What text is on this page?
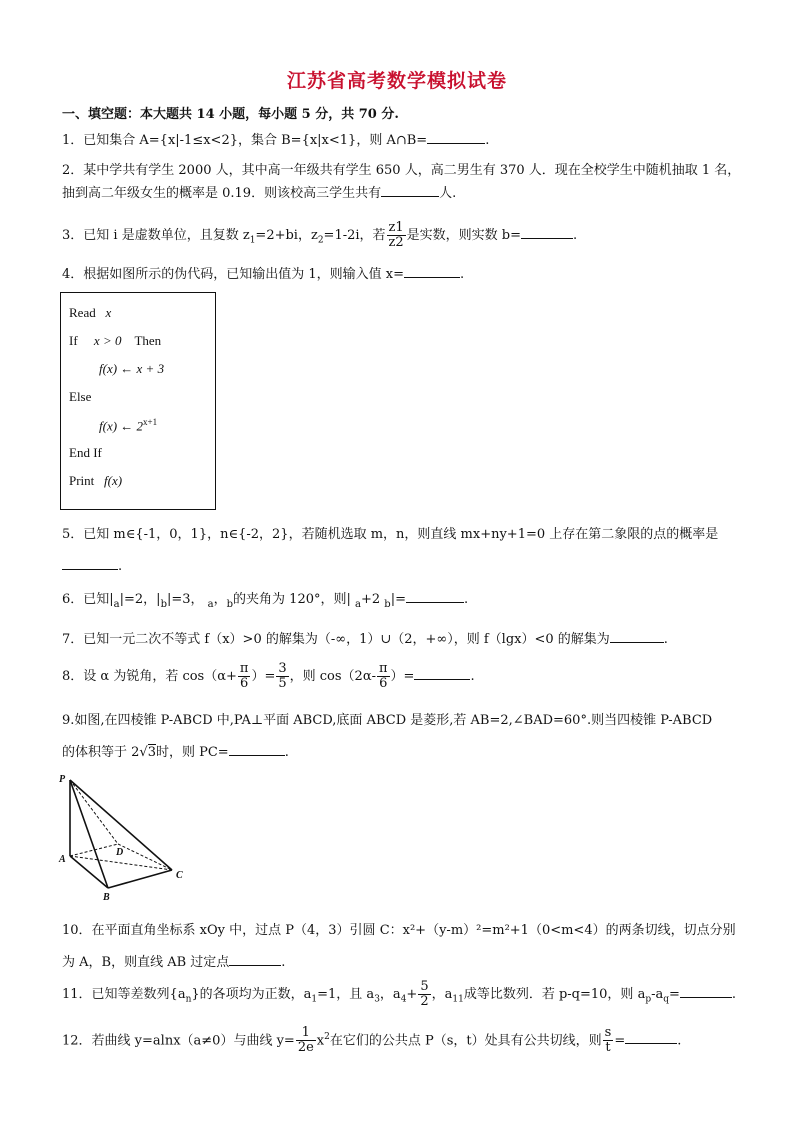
江苏省高考数学模拟试卷
一、填空题：本大题共 14 小题，每小题 5 分，共 70 分.
1．已知集合 A={x|-1≤x<2}，集合 B={x|x<1}，则 A∩B=	.
2．某中学共有学生 2000 人，其中高一年级共有学生 650 人，高二男生有 370 人．现在全校学生中随机抽取 1 名，
抽到高二年级女生的概率是 0.19．则该校高三学生共有	人.
3．已知 i 是虚数单位，且复数 $z_1=2+bi$，$z_2=1-2i$，若 $\frac{z1}{z2}$ 是实数，则实数 b=	.
4．根据如图所示的伪代码，已知输出值为 1，则输入值 x=	.
Read x
If x > 0 Then
f(x) ← x + 3
Else
f(x) ← $2^{x+1}$
End If
Print f(x)
5．已知 m∈{-1，0，1}，n∈{-2，2}，若随机选取 m，n，则直线 mx+ny+1=0 上存在第二象限的点的概率是
.
6．已知$|_a|=2$，$|_b|=3$， $_a$，$_b$的夹角为 120°，则| $_a$+2 $_b$|=	.
7．已知一元二次不等式 f（x）>0 的解集为（-∞，1）∪（2，+∞），则 f（lgx）<0 的解集为	.
8．设 α 为锐角，若 $\cos(\alpha+ \frac{\pi}{6}$ ）= $\frac{3}{5}$ ，则 $\cos(2\alpha- \frac{\pi}{6}$ ）=	.
9.如图,在四棱锥 P-ABCD 中,PA⊥平面 ABCD,底面 ABCD 是菱形,若 AB=2,∠BAD=60°.则当四棱锥 P-ABCD
的体积等于 2√3时，则 PC=	.
P
A
B
C
D
10．在平面直角坐标系 xOy 中，过点 P（4，3）引圆 C：x²+（y-m）²=m²+1（0<m<4）的两条切线，切点分别
为 A，B，则直线 AB 过定点	.
11．已知等差数列$\{a_n\}$的各项均为正数，$a_1=1$，且 $a_3$，$a_4+ \frac{5}{2}$ ，$a_{11}$成等比数列．若 p-q=10，则 $a_p-a_q=$	.
12．若曲线 y=alnx（a≠0）与曲线 $y= \frac{1}{2e} x^2$在它们的公共点 P（s，t）处具有公共切线，则 $\frac{s}{t}$ =	.
